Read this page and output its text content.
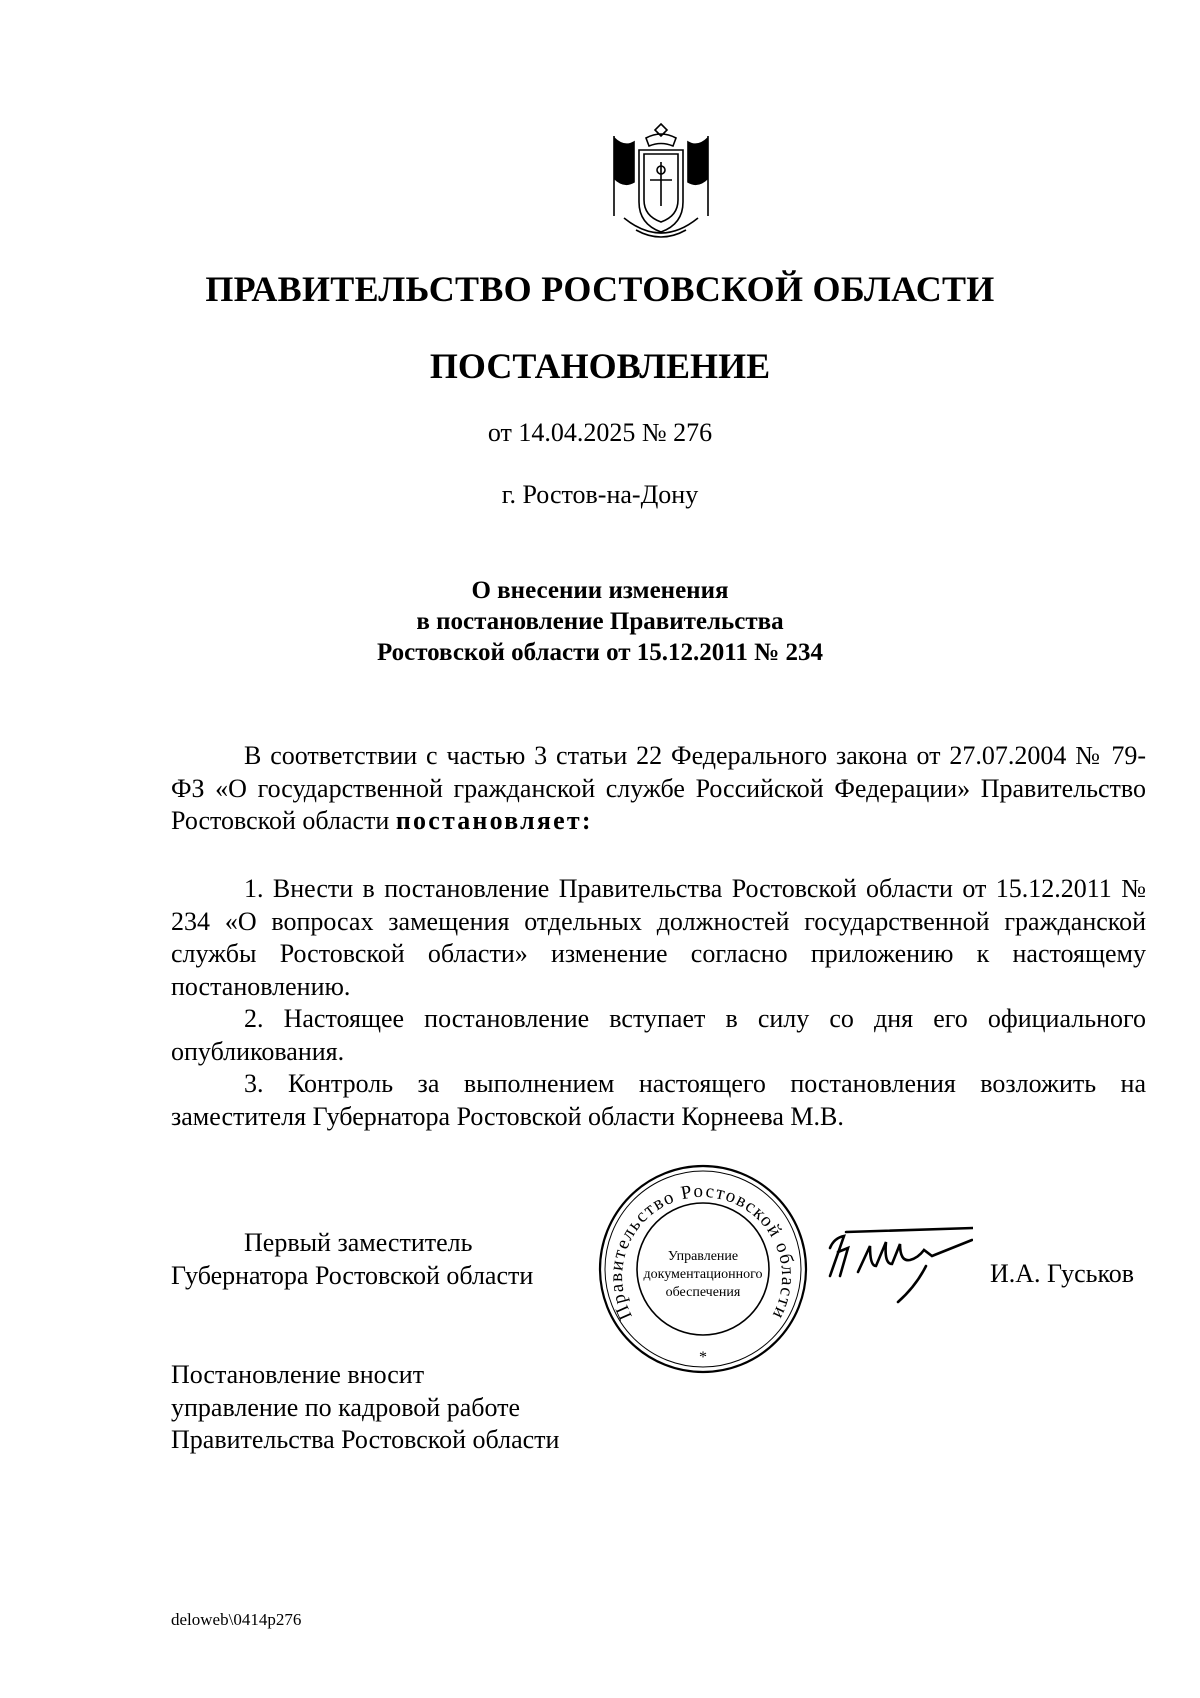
ПРАВИТЕЛЬСТВО РОСТОВСКОЙ ОБЛАСТИ
ПОСТАНОВЛЕНИЕ
от 14.04.2025 № 276
г. Ростов-на-Дону
О внесении изменения
в постановление Правительства
Ростовской области от 15.12.2011 № 234
В соответствии с частью 3 статьи 22 Федерального закона от 27.07.2004 № 79-ФЗ «О государственной гражданской службе Российской Федерации» Правительство Ростовской области постановляет:
1. Внести в постановление Правительства Ростовской области от 15.12.2011 № 234 «О вопросах замещения отдельных должностей государственной гражданской службы Ростовской области» изменение согласно приложению к настоящему постановлению.
2. Настоящее постановление вступает в силу со дня его официального опубликования.
3. Контроль за выполнением настоящего постановления возложить на заместителя Губернатора Ростовской области Корнеева М.В.
Первый заместитель
Губернатора Ростовской области
Правительство Ростовской области
Управление
документационного
обеспечения
*
И.А. Гуськов
Постановление вносит
управление по кадровой работе
Правительства Ростовской области
deloweb\0414p276
